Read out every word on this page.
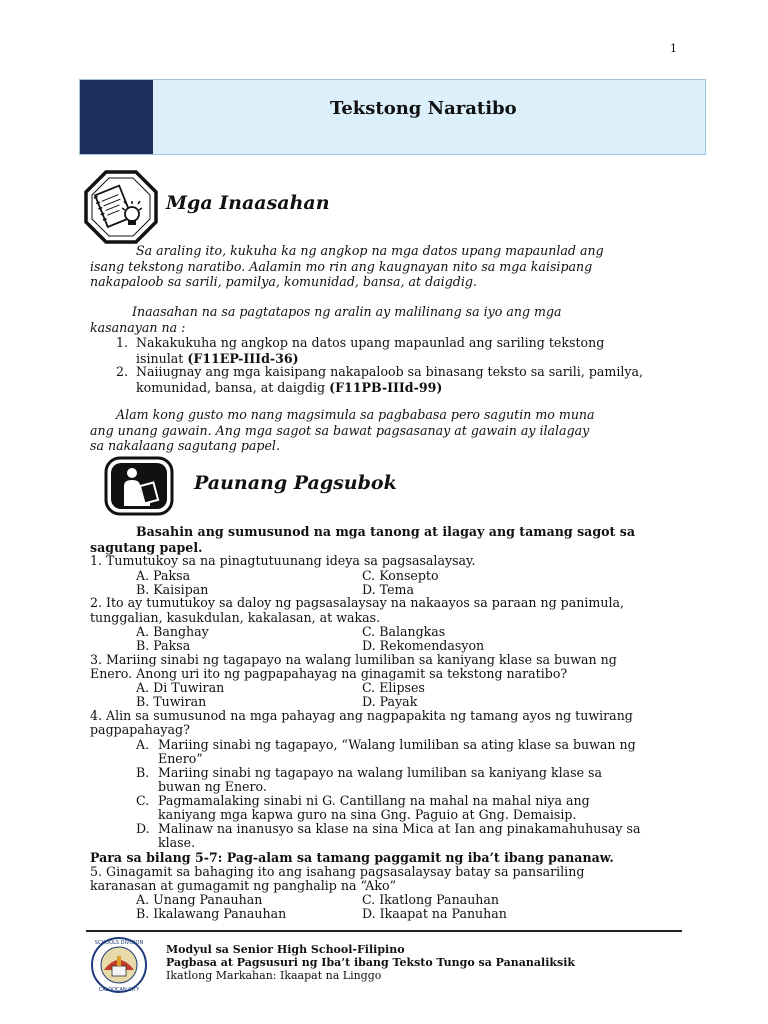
1
Tekstong Naratibo
Mga Inaasahan
Sa araling ito, kukuha ka ng angkop na mga datos upang mapaunlad ang
isang tekstong naratibo. Aalamin mo rin ang kaugnayan nito sa mga kaisipang
nakapaloob sa sarili, pamilya, komunidad, bansa, at daigdig.
Inaasahan na sa pagtatapos ng aralin ay malilinang sa iyo ang mga
kasanayan na :
1. Nakakukuha ng angkop na datos upang mapaunlad ang sariling tekstong
isinulat (F11EP-IIId-36)
2. Naiiugnay ang mga kaisipang nakapaloob sa binasang teksto sa sarili, pamilya,
komunidad, bansa, at daigdig (F11PB-IIId-99)
Alam kong gusto mo nang magsimula sa pagbabasa pero sagutin mo muna
ang unang gawain. Ang mga sagot sa bawat pagsasanay at gawain ay ilalagay
sa nakalaang sagutang papel.
Paunang Pagsubok
Basahin ang sumusunod na mga tanong at ilagay ang tamang sagot sa
sagutang papel.
1. Tumutukoy sa na pinagtutuunang ideya sa pagsasalaysay.
A. Paksa	C. Konsepto
B. Kaisipan	D. Tema
2. Ito ay tumutukoy sa daloy ng pagsasalaysay na nakaayos sa paraan ng panimula,
tunggalian, kasukdulan, kakalasan, at wakas.
A. Banghay	C. Balangkas
B. Paksa	D. Rekomendasyon
3. Mariing sinabi ng tagapayo na walang lumiliban sa kaniyang klase sa buwan ng
Enero. Anong uri ito ng pagpapahayag na ginagamit sa tekstong naratibo?
A. Di Tuwiran	C. Elipses
B. Tuwiran	D. Payak
4. Alin sa sumusunod na mga pahayag ang nagpapakita ng tamang ayos ng tuwirang
pagpapahayag?
A. Mariing sinabi ng tagapayo, “Walang lumiliban sa ating klase sa buwan ng
Enero”
B. Mariing sinabi ng tagapayo na walang lumiliban sa kaniyang klase sa
buwan ng Enero.
C. Pagmamalaking sinabi ni G. Cantillang na mahal na mahal niya ang
kaniyang mga kapwa guro na sina Gng. Paguio at Gng. Demaisip.
D. Malinaw na inanusyo sa klase na sina Mica at Ian ang pinakamahuhusay sa
klase.
Para sa bilang 5-7: Pag-alam sa tamang paggamit ng iba’t ibang pananaw.
5. Ginagamit sa bahaging ito ang isahang pagsasalaysay batay sa pansariling
karanasan at gumagamit ng panghalip na “Ako”
A. Unang Panauhan	C. Ikatlong Panauhan
B. Ikalawang Panauhan	D. Ikaapat na Panuhan
SCHOOLS DIVISION
CALOOCAN CITY
Modyul sa Senior High School-Filipino
Pagbasa at Pagsusuri ng Iba’t ibang Teksto Tungo sa Pananaliksik
Ikatlong Markahan: Ikaapat na Linggo
